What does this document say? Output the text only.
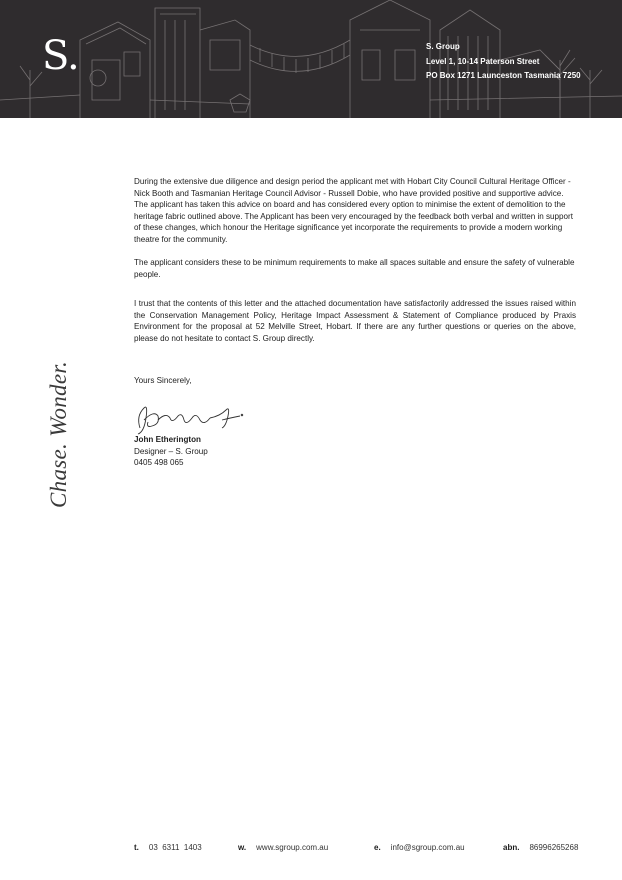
S.	S. Group
Level 1, 10-14 Paterson Street
PO Box 1271 Launceston Tasmania 7250
Chase. Wonder.

During the extensive due diligence and design period the applicant met with Hobart City Council Cultural Heritage Officer - Nick Booth and Tasmanian Heritage Council Advisor - Russell Dobie, who have provided positive and supportive advice.

The applicant has taken this advice on board and has considered every option to minimise the extent of demolition to the heritage fabric outlined above. The Applicant has been very encouraged by the feedback both verbal and written in support of these changes, which honour the Heritage significance yet incorporate the requirements to provide a modern working theatre for the community.

The applicant considers these to be minimum requirements to make all spaces suitable and ensure the safety of vulnerable people.

I trust that the contents of this letter and the attached documentation have satisfactorily addressed the issues raised within the Conservation Management Policy, Heritage Impact Assessment & Statement of Compliance produced by Praxis Environment for the proposal at 52 Melville Street, Hobart. If there are any further questions or queries on the above, please do not hesitate to contact S. Group directly.

Yours Sincerely,
John Etherington
Designer – S. Group
0405 498 065
t. 03  6311  1403	w. www.sgroup.com.au	e. info@sgroup.com.au	abn. 86996265268
